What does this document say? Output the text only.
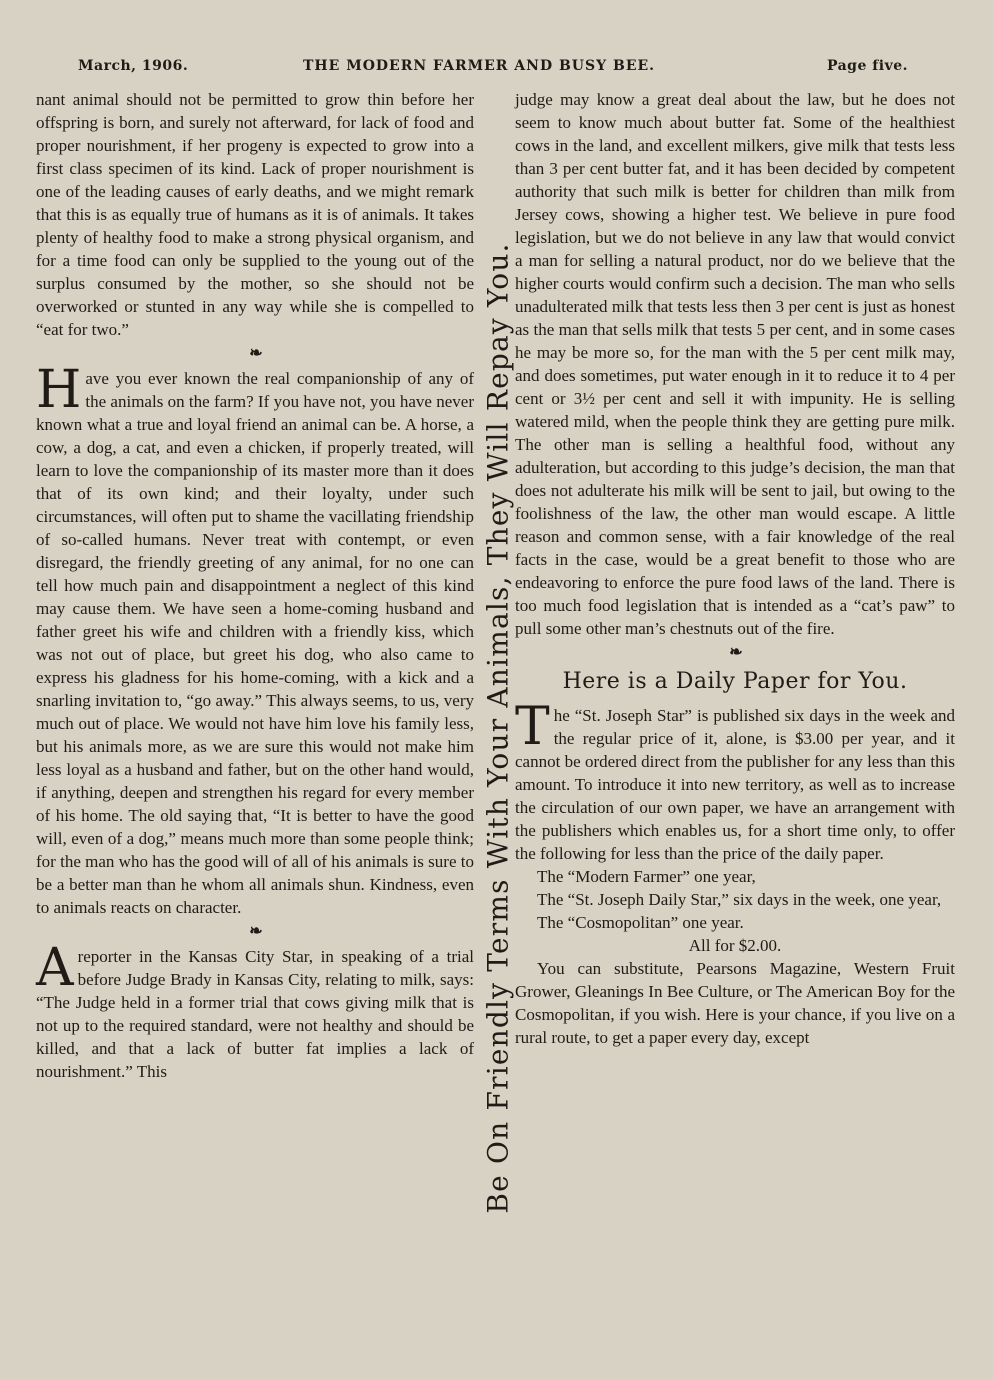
March, 1906.	THE MODERN FARMER AND BUSY BEE.	Page five.

nant animal should not be permitted to grow thin before her offspring is born, and surely not afterward, for lack of food and proper nourishment, if her progeny is expected to grow into a first class specimen of its kind. Lack of proper nourishment is one of the leading causes of early deaths, and we might remark that this is as equally true of humans as it is of animals. It takes plenty of healthy food to make a strong physical organism, and for a time food can only be supplied to the young out of the surplus consumed by the mother, so she should not be overworked or stunted in any way while she is compelled to “eat for two.”

❧

Have you ever known the real companionship of any of the animals on the farm? If you have not, you have never known what a true and loyal friend an animal can be. A horse, a cow, a dog, a cat, and even a chicken, if properly treated, will learn to love the companionship of its master more than it does that of its own kind; and their loyalty, under such circumstances, will often put to shame the vacillating friendship of so-called humans. Never treat with contempt, or even disregard, the friendly greeting of any animal, for no one can tell how much pain and disappointment a neglect of this kind may cause them. We have seen a home-coming husband and father greet his wife and children with a friendly kiss, which was not out of place, but greet his dog, who also came to express his gladness for his home-coming, with a kick and a snarling invitation to, “go away.” This always seems, to us, very much out of place. We would not have him love his family less, but his animals more, as we are sure this would not make him less loyal as a husband and father, but on the other hand would, if anything, deepen and strengthen his regard for every member of his home. The old saying that, “It is better to have the good will, even of a dog,” means much more than some people think; for the man who has the good will of all of his animals is sure to be a better man than he whom all animals shun. Kindness, even to animals reacts on character.

❧

Areporter in the Kansas City Star, in speaking of a trial before Judge Brady in Kansas City, relating to milk, says: “The Judge held in a former trial that cows giving milk that is not up to the required standard, were not healthy and should be killed, and that a lack of butter fat implies a lack of nourishment.” This	Be On Friendly Terms With Your Animals, They Will Repay You.

judge may know a great deal about the law, but he does not seem to know much about butter fat. Some of the healthiest cows in the land, and excellent milkers, give milk that tests less than 3 per cent butter fat, and it has been decided by competent authority that such milk is better for children than milk from Jersey cows, showing a higher test. We believe in pure food legislation, but we do not believe in any law that would convict a man for selling a natural product, nor do we believe that the higher courts would confirm such a decision. The man who sells unadulterated milk that tests less then 3 per cent is just as honest as the man that sells milk that tests 5 per cent, and in some cases he may be more so, for the man with the 5 per cent milk may, and does sometimes, put water enough in it to reduce it to 4 per cent or 3½ per cent and sell it with impunity. He is selling watered mild, when the people think they are getting pure milk. The other man is selling a healthful food, without any adulteration, but according to this judge’s decision, the man that does not adulterate his milk will be sent to jail, but owing to the foolishness of the law, the other man would escape. A little reason and common sense, with a fair knowledge of the real facts in the case, would be a great benefit to those who are endeavoring to enforce the pure food laws of the land. There is too much food legislation that is intended as a “cat’s paw” to pull some other man’s chestnuts out of the fire.

❧
Here is a Daily Paper for You.

The “St. Joseph Star” is published six days in the week and the regular price of it, alone, is $3.00 per year, and it cannot be ordered direct from the publisher for any less than this amount. To introduce it into new territory, as well as to increase the circulation of our own paper, we have an arrangement with the publishers which enables us, for a short time only, to offer the following for less than the price of the daily paper.

The “Modern Farmer” one year,

The “St. Joseph Daily Star,” six days in the week, one year,

The “Cosmopolitan” one year.

All for $2.00.

You can substitute, Pearsons Magazine, Western Fruit Grower, Gleanings In Bee Culture, or The American Boy for the Cosmopolitan, if you wish. Here is your chance, if you live on a rural route, to get a paper every day, except
